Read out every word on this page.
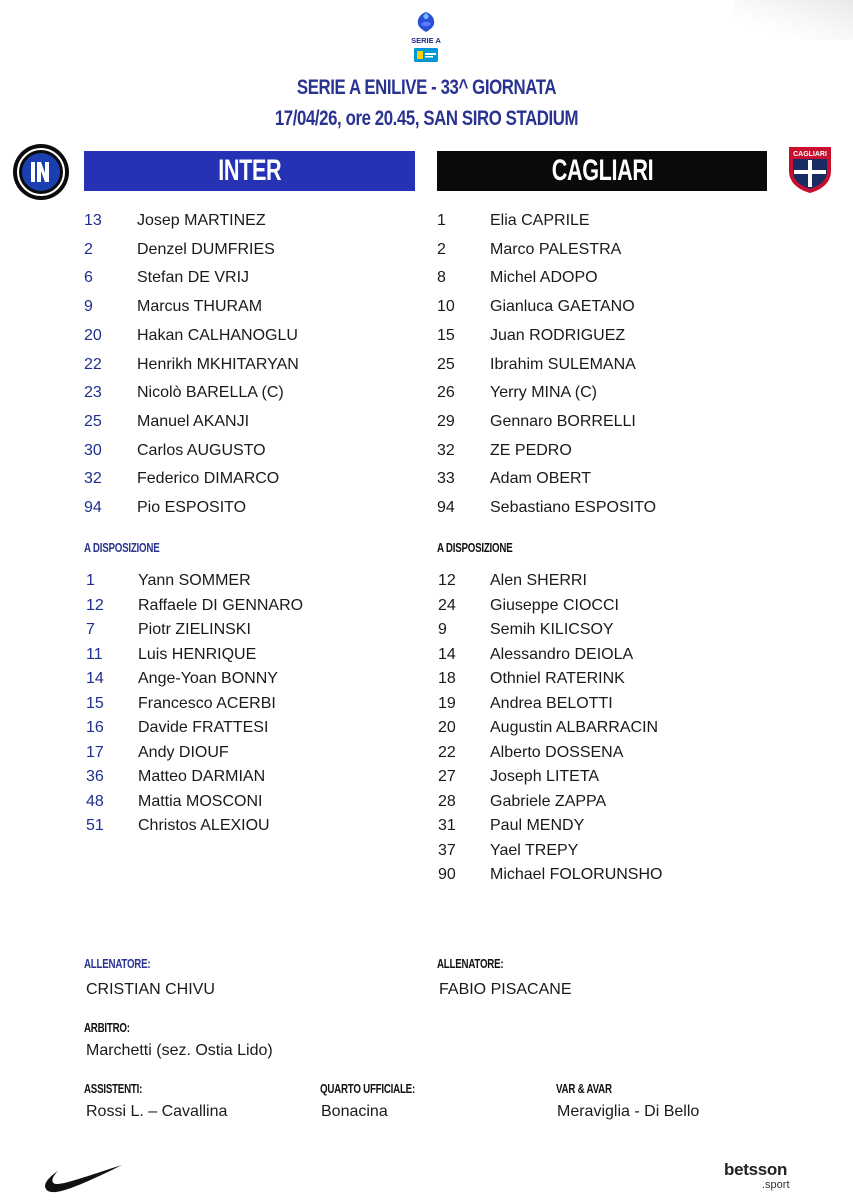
SERIE A
SERIE A ENILIVE - 33^ GIORNATA
17/04/26, ore 20.45, SAN SIRO STADIUM
INTER	CAGLIARI	CAGLIARI
13 Josep MARTINEZ
2	Denzel DUMFRIES
6	Stefan DE VRIJ
9	Marcus THURAM
20 Hakan CALHANOGLU
22 Henrikh MKHITARYAN
23 Nicolò BARELLA (C)
25 Manuel AKANJI
30 Carlos AUGUSTO
32 Federico DIMARCO
94 Pio ESPOSITO
1	Elia CAPRILE
2	Marco PALESTRA
8	Michel ADOPO
10 Gianluca GAETANO
15 Juan RODRIGUEZ
25 Ibrahim SULEMANA
26 Yerry MINA (C)
29 Gennaro BORRELLI
32 ZE PEDRO
33 Adam OBERT
94 Sebastiano ESPOSITO
A DISPOSIZIONE	A DISPOSIZIONE
1	Yann SOMMER
12 Raffaele DI GENNARO
7	Piotr ZIELINSKI
11 Luis HENRIQUE
14 Ange-Yoan BONNY
15 Francesco ACERBI
16 Davide FRATTESI
17 Andy DIOUF
36 Matteo DARMIAN
48 Mattia MOSCONI
51 Christos ALEXIOU
12 Alen SHERRI
24 Giuseppe CIOCCI
9	Semih KILICSOY
14 Alessandro DEIOLA
18 Othniel RATERINK
19 Andrea BELOTTI
20 Augustin ALBARRACIN
22 Alberto DOSSENA
27 Joseph LITETA
28 Gabriele ZAPPA
31 Paul MENDY
37 Yael TREPY
90 Michael FOLORUNSHO
ALLENATORE:
CRISTIAN CHIVU
ALLENATORE:
FABIO PISACANE
ARBITRO:
Marchetti (sez. Ostia Lido)
ASSISTENTI:
Rossi L. – Cavallina
QUARTO UFFICIALE:
Bonacina
VAR & AVAR
Meraviglia - Di Bello
betsson
.sport
